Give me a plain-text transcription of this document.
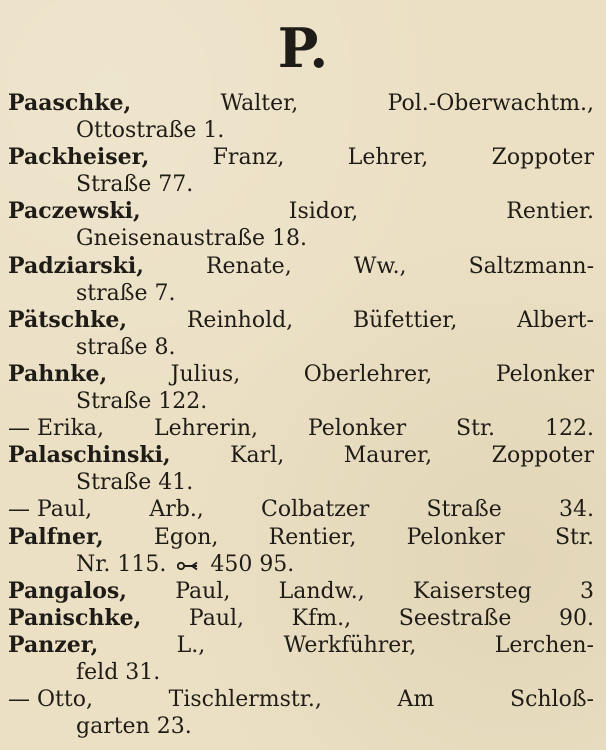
P.
Paaschke,	Walter,	Pol.-Oberwachtm.,
Ottostraße 1.
Packheiser,	Franz,	Lehrer,	Zoppoter
Straße 77.
Paczewski,	Isidor,	Rentier.
Gneisenaustraße 18.
Padziarski,	Renate,	Ww.,	Saltzmann-
straße 7.
Pätschke,	Reinhold,	Büfettier,	Albert-
straße 8.
Pahnke,	Julius,	Oberlehrer,	Pelonker
Straße 122.
— Erika, Lehrerin, Pelonker Str. 122.
Palaschinski,	Karl,	Maurer,	Zoppoter
Straße 41.
— Paul,	Arb.,	Colbatzer	Straße	34.
Palfner, Egon, Rentier, Pelonker Str.
Nr. 115. 450 95.
Pangalos, Paul, Landw., Kaisersteg 3
Panischke, Paul, Kfm., Seestraße 90.
Panzer,	L.,	Werkführer,	Lerchen-
feld 31.
— Otto,	Tischlermstr.,	Am	Schloß-
garten 23.
